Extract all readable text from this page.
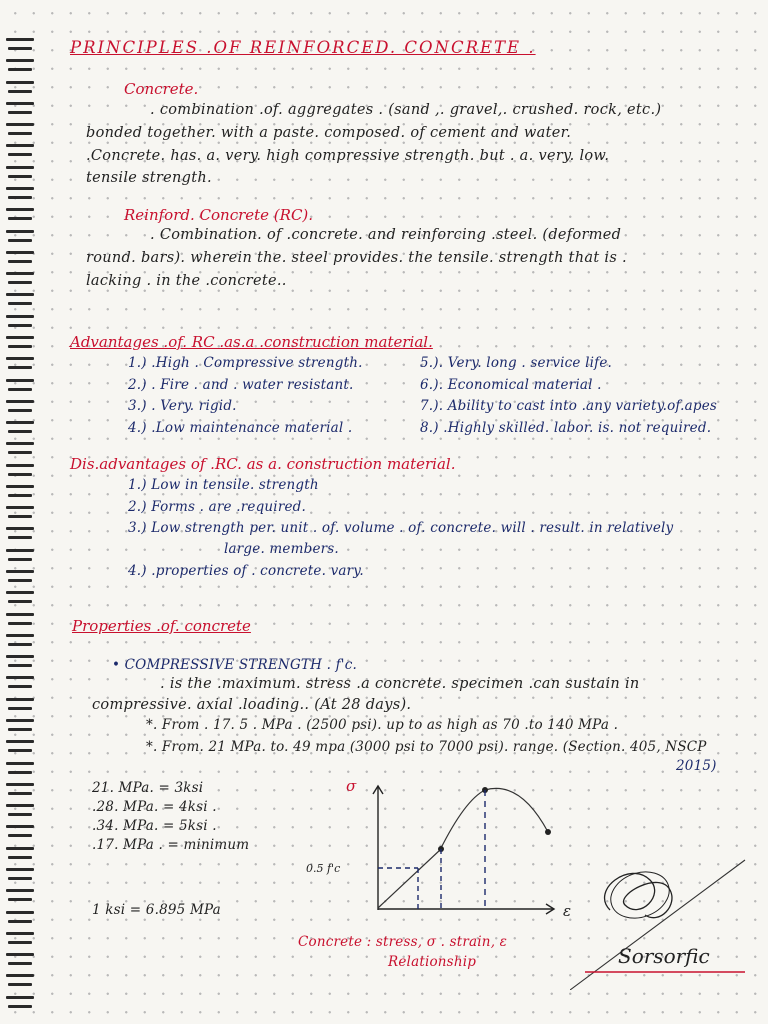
PRINCIPLES .OF REINFORCED. CONCRETE .
Concrete.
. combination .of. aggregates . (sand ,. gravel,. crushed. rock, etc.)
bonded together. with a paste. composed. of cement and water.
.Concrete. has. a. very. high compressive strength. but . a. very. low.
tensile strength.
Reinford. Concrete (RC).
. Combination. of .concrete. and reinforcing .steel. (deformed
round. bars). wherein the. steel provides. the tensile. strength that is .
lacking . in the .concrete..
Advantages .of. RC .as.a .construction material.
1.) .High . Compressive strength.
2.) . Fire . and . water resistant.
3.) . Very. rigid.
4.) .Low maintenance material .
5.). Very. long . service life.
6.). Economical material .
7.). Ability to cast into .any variety.of.apes
8.) .Highly skilled. labor. is. not required.
Dis.advantages of .RC. as a. construction material.
1.) Low in tensile. strength
2.) Forms . are .required.
3.) Low strength per. unit . of. volume . of. concrete. will . result. in relatively
large. members.
4.) .properties of . concrete. vary.
Properties .of. concrete
• COMPRESSIVE STRENGTH . f'c.
. is the .maximum. stress .a concrete. specimen .can sustain in
compressive. axial .loading.. (At 28 days).
*. From . 17. 5 . MPa . (2500 psi). up to as high as 70 .to 140 MPa .
*. From. 21 MPa. to. 49 mpa (3000 psi to 7000 psi). range. (Section. 405, NSCP
2015)
21. MPa. = 3ksi
.28. MPa. = 4ksi .
.34. MPa. = 5ksi .
.17. MPa . = minimum
1 ksi = 6.895 MPa
σ
ε
0.5 f'c
Concrete : stress, σ . strain, ε
Relationship	Sorsorfic
